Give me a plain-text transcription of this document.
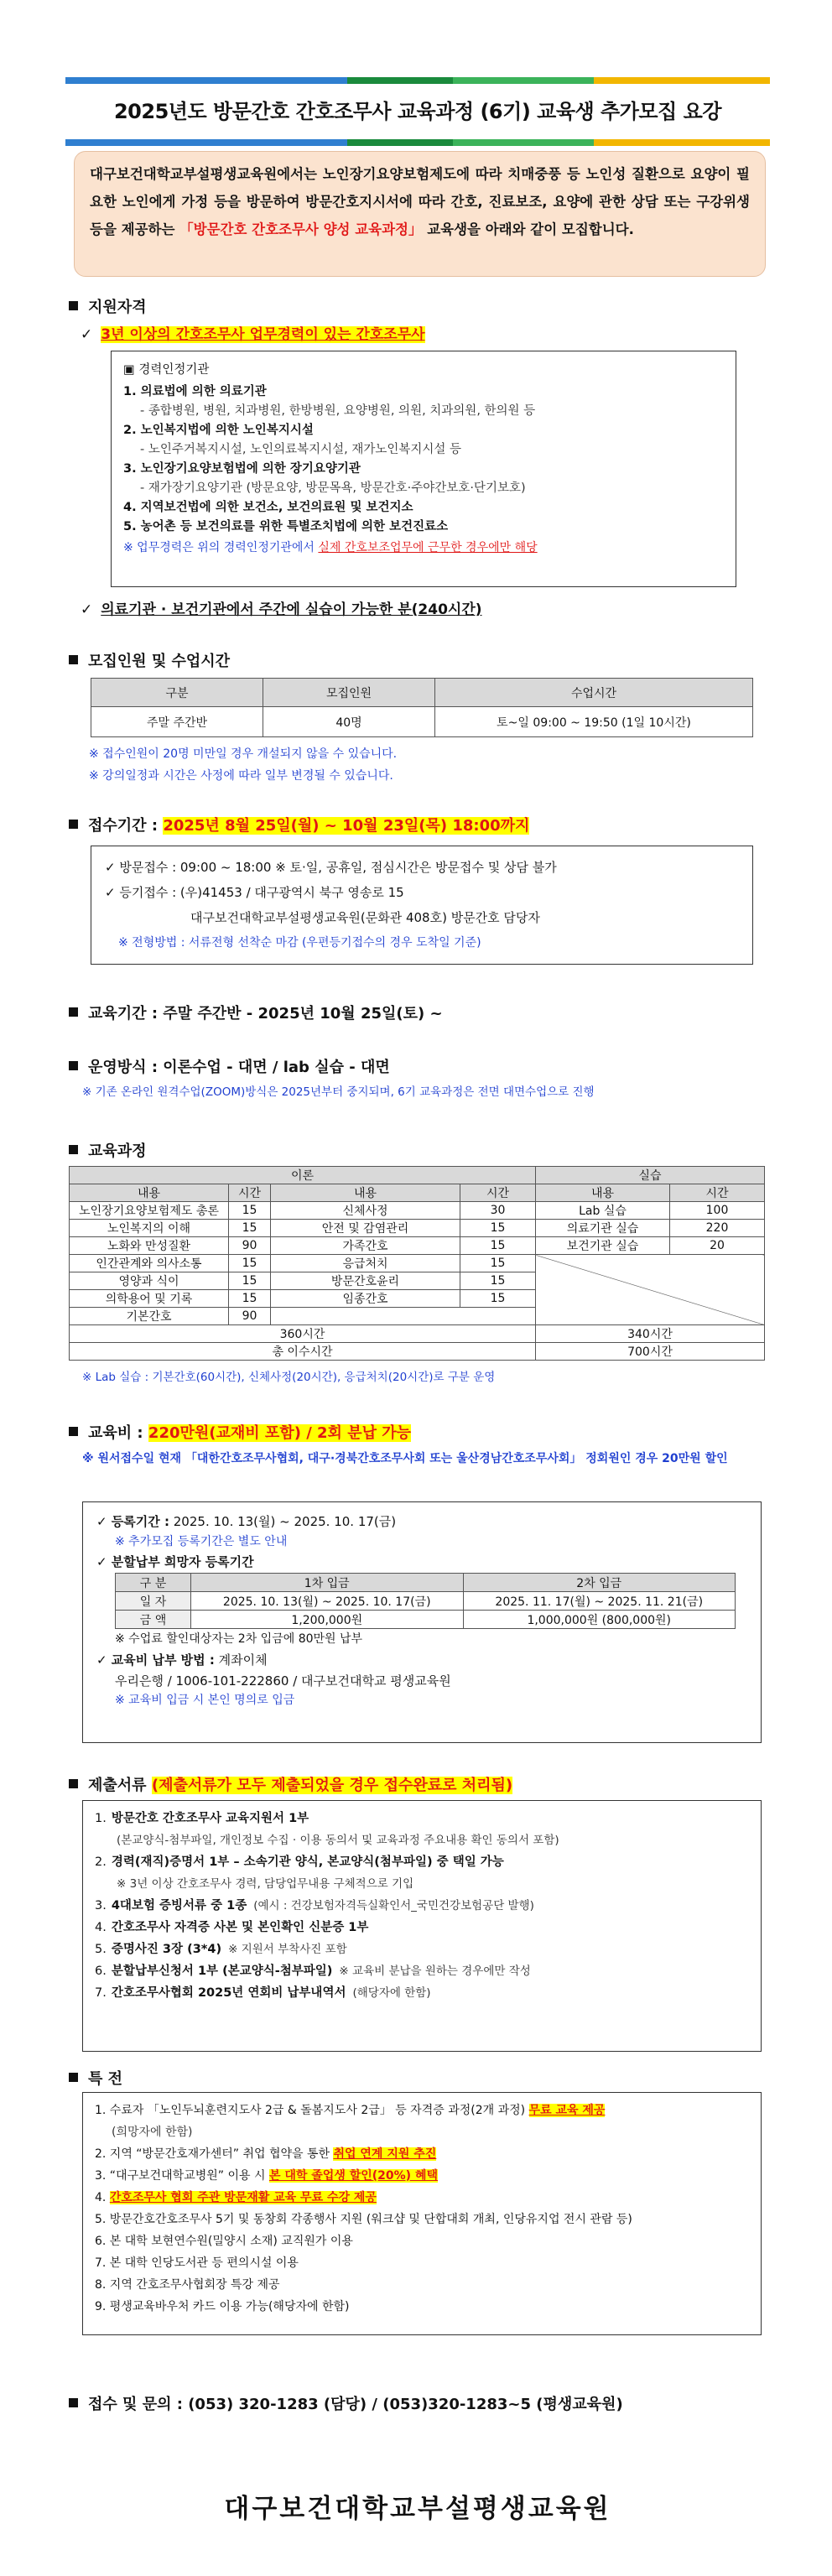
2025년도 방문간호 간호조무사 교육과정 (6기) 교육생 추가모집 요강
대구보건대학교부설평생교육원에서는 노인장기요양보험제도에 따라 치매중풍 등 노인성 질환으로 요양이 필요한 노인에게 가정 등을 방문하여 방문간호지시서에 따라 간호, 진료보조, 요양에 관한 상담 또는 구강위생 등을 제공하는 「방문간호 간호조무사 양성 교육과정」 교육생을 아래와 같이 모집합니다.
지원자격
✓ 3년 이상의 간호조무사 업무경력이 있는 간호조무사
▣ 경력인정기관
1. 의료법에 의한 의료기관
- 종합병원, 병원, 치과병원, 한방병원, 요양병원, 의원, 치과의원, 한의원 등
2. 노인복지법에 의한 노인복지시설
- 노인주거복지시설, 노인의료복지시설, 재가노인복지시설 등
3. 노인장기요양보험법에 의한 장기요양기관
- 재가장기요양기관 (방문요양, 방문목욕, 방문간호·주야간보호·단기보호)
4. 지역보건법에 의한 보건소, 보건의료원 및 보건지소
5. 농어촌 등 보건의료를 위한 특별조치법에 의한 보건진료소
※ 업무경력은 위의 경력인정기관에서 실제 간호보조업무에 근무한 경우에만 해당
✓ 의료기관 · 보건기관에서 주간에 실습이 가능한 분(240시간)
모집인원 및 수업시간
구분	모집인원	수업시간
주말 주간반	40명	토~일 09:00 ~ 19:50 (1일 10시간)
※ 접수인원이 20명 미만일 경우 개설되지 않을 수 있습니다.
※ 강의일정과 시간은 사정에 따라 일부 변경될 수 있습니다.
접수기간 : 2025년 8월 25일(월) ~ 10월 23일(목) 18:00까지
✓ 방문접수 : 09:00 ~ 18:00 ※ 토·일, 공휴일, 점심시간은 방문접수 및 상담 불가
✓ 등기접수 : (우)41453 / 대구광역시 북구 영송로 15
대구보건대학교부설평생교육원(문화관 408호) 방문간호 담당자
※ 전형방법 : 서류전형 선착순 마감 (우편등기접수의 경우 도착일 기준)
교육기간 : 주말 주간반 - 2025년 10월 25일(토) ~
운영방식 : 이론수업 - 대면 / lab 실습 - 대면
※ 기존 온라인 원격수업(ZOOM)방식은 2025년부터 중지되며, 6기 교육과정은 전면 대면수업으로 진행
교육과정
이론				실습	
내용	시간	내용	시간	내용	시간
노인장기요양보험제도 총론	15	신체사정	30	Lab 실습	100
노인복지의 이해	15	안전 및 감염관리	15	의료기관 실습	220
노화와 만성질환	90	가족간호	15	보건기관 실습	20
인간관계와 의사소통	15	응급처치	15		
영양과 식이	15	방문간호윤리	15		
의학용어 및 기록	15	임종간호	15		
기본간호	90				
360시간				340시간	
총 이수시간				700시간	
※ Lab 실습 : 기본간호(60시간), 신체사정(20시간), 응급처치(20시간)로 구분 운영
교육비 : 220만원(교재비 포함) / 2회 분납 가능
※ 원서접수일 현재 「대한간호조무사협회, 대구·경북간호조무사회 또는 울산경남간호조무사회」 정회원인 경우 20만원 할인
✓ 등록기간 : 2025. 10. 13(월) ~ 2025. 10. 17(금)
※ 추가모집 등록기간은 별도 안내
✓ 분할납부 희망자 등록기간
구 분	1차 입금	2차 입금
일 자	2025. 10. 13(월) ~ 2025. 10. 17(금)	2025. 11. 17(월) ~ 2025. 11. 21(금)
금 액	1,200,000원	1,000,000원 (800,000원)
※ 수업료 할인대상자는 2차 입금에 80만원 납부
✓ 교육비 납부 방법 : 계좌이체
우리은행 / 1006-101-222860 / 대구보건대학교 평생교육원
※ 교육비 입금 시 본인 명의로 입금
제출서류 (제출서류가 모두 제출되었을 경우 접수완료로 처리됨)
1. 방문간호 간호조무사 교육지원서 1부
(본교양식-첨부파일, 개인정보 수집 · 이용 동의서 및 교육과정 주요내용 확인 동의서 포함)
2. 경력(재직)증명서 1부 – 소속기관 양식, 본교양식(첨부파일) 중 택일 가능
※ 3년 이상 간호조무사 경력, 담당업무내용 구체적으로 기입
3. 4대보험 증빙서류 중 1종 (예시 : 건강보험자격득실확인서_국민건강보험공단 발행)
4. 간호조무사 자격증 사본 및 본인확인 신분증 1부
5. 증명사진 3장 (3*4) ※ 지원서 부착사진 포함
6. 분할납부신청서 1부 (본교양식-첨부파일) ※ 교육비 분납을 원하는 경우에만 작성
7. 간호조무사협회 2025년 연회비 납부내역서 (해당자에 한함)
특 전
1. 수료자 「노인두뇌훈련지도사 2급 & 돌봄지도사 2급」 등 자격증 과정(2개 과정) 무료 교육 제공
(희망자에 한함)
2. 지역 “방문간호재가센터” 취업 협약을 통한 취업 연계 지원 추진
3. “대구보건대학교병원” 이용 시 본 대학 졸업생 할인(20%) 혜택
4. 간호조무사 협회 주관 방문재활 교육 무료 수강 제공
5. 방문간호간호조무사 5기 및 동창회 각종행사 지원 (워크샵 및 단합대회 개최, 인당유지업 전시 관람 등)
6. 본 대학 보현연수원(밀양시 소재) 교직원가 이용
7. 본 대학 인당도서관 등 편의시설 이용
8. 지역 간호조무사협회장 특강 제공
9. 평생교육바우처 카드 이용 가능(해당자에 한함)
접수 및 문의 : (053) 320-1283 (담당) / (053)320-1283~5 (평생교육원)
대구보건대학교부설평생교육원
